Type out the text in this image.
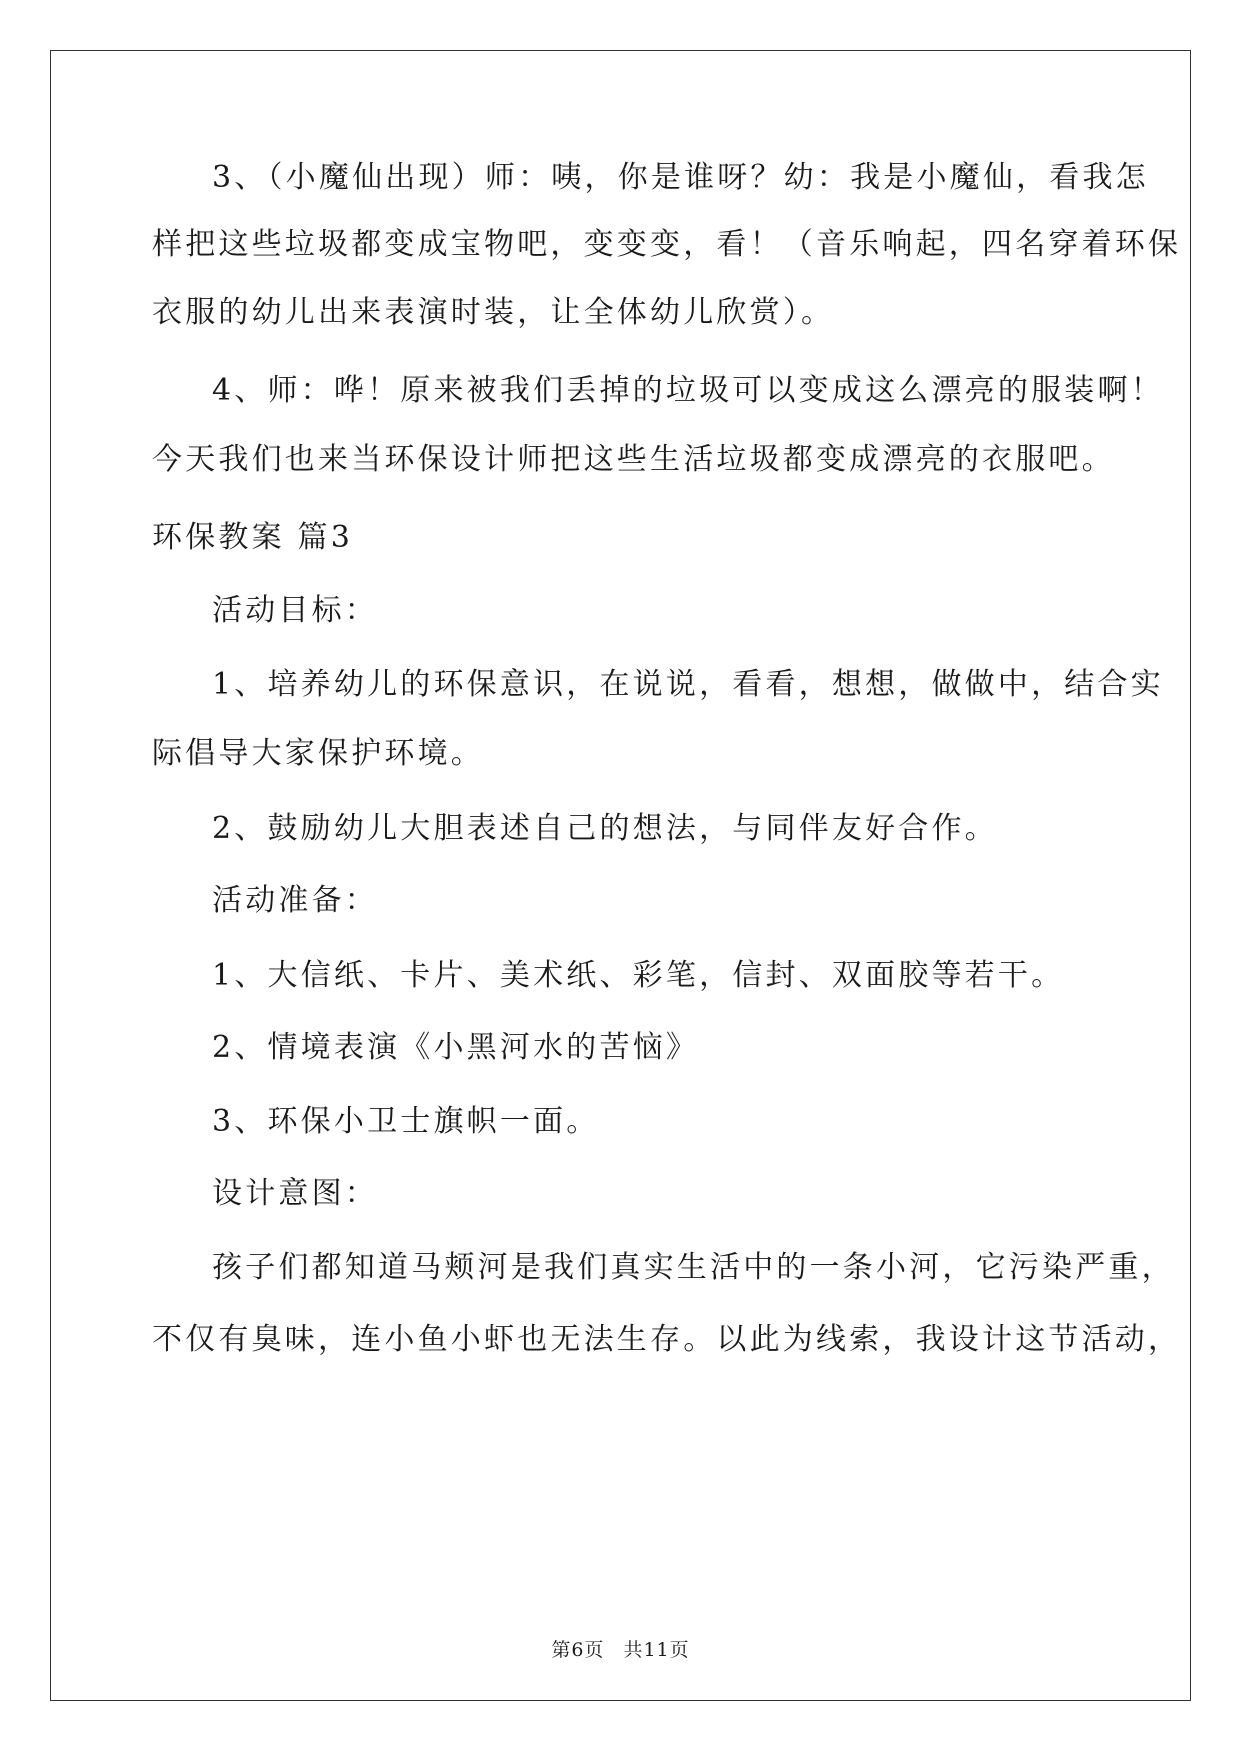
3、（小魔仙出现）师：咦，你是谁呀？幼：我是小魔仙，看我怎
样把这些垃圾都变成宝物吧，变变变，看！（音乐响起，四名穿着环保
衣服的幼儿出来表演时装，让全体幼儿欣赏）。
4、师：哗！原来被我们丢掉的垃圾可以变成这么漂亮的服装啊！
今天我们也来当环保设计师把这些生活垃圾都变成漂亮的衣服吧。
环保教案 篇3
活动目标：
1、培养幼儿的环保意识，在说说，看看，想想，做做中，结合实
际倡导大家保护环境。
2、鼓励幼儿大胆表述自己的想法，与同伴友好合作。
活动准备：
1、大信纸、卡片、美术纸、彩笔，信封、双面胶等若干。
2、情境表演《小黑河水的苦恼》
3、环保小卫士旗帜一面。
设计意图：
孩子们都知道马颊河是我们真实生活中的一条小河，它污染严重，
不仅有臭味，连小鱼小虾也无法生存。以此为线索，我设计这节活动，
第6页 共11页
